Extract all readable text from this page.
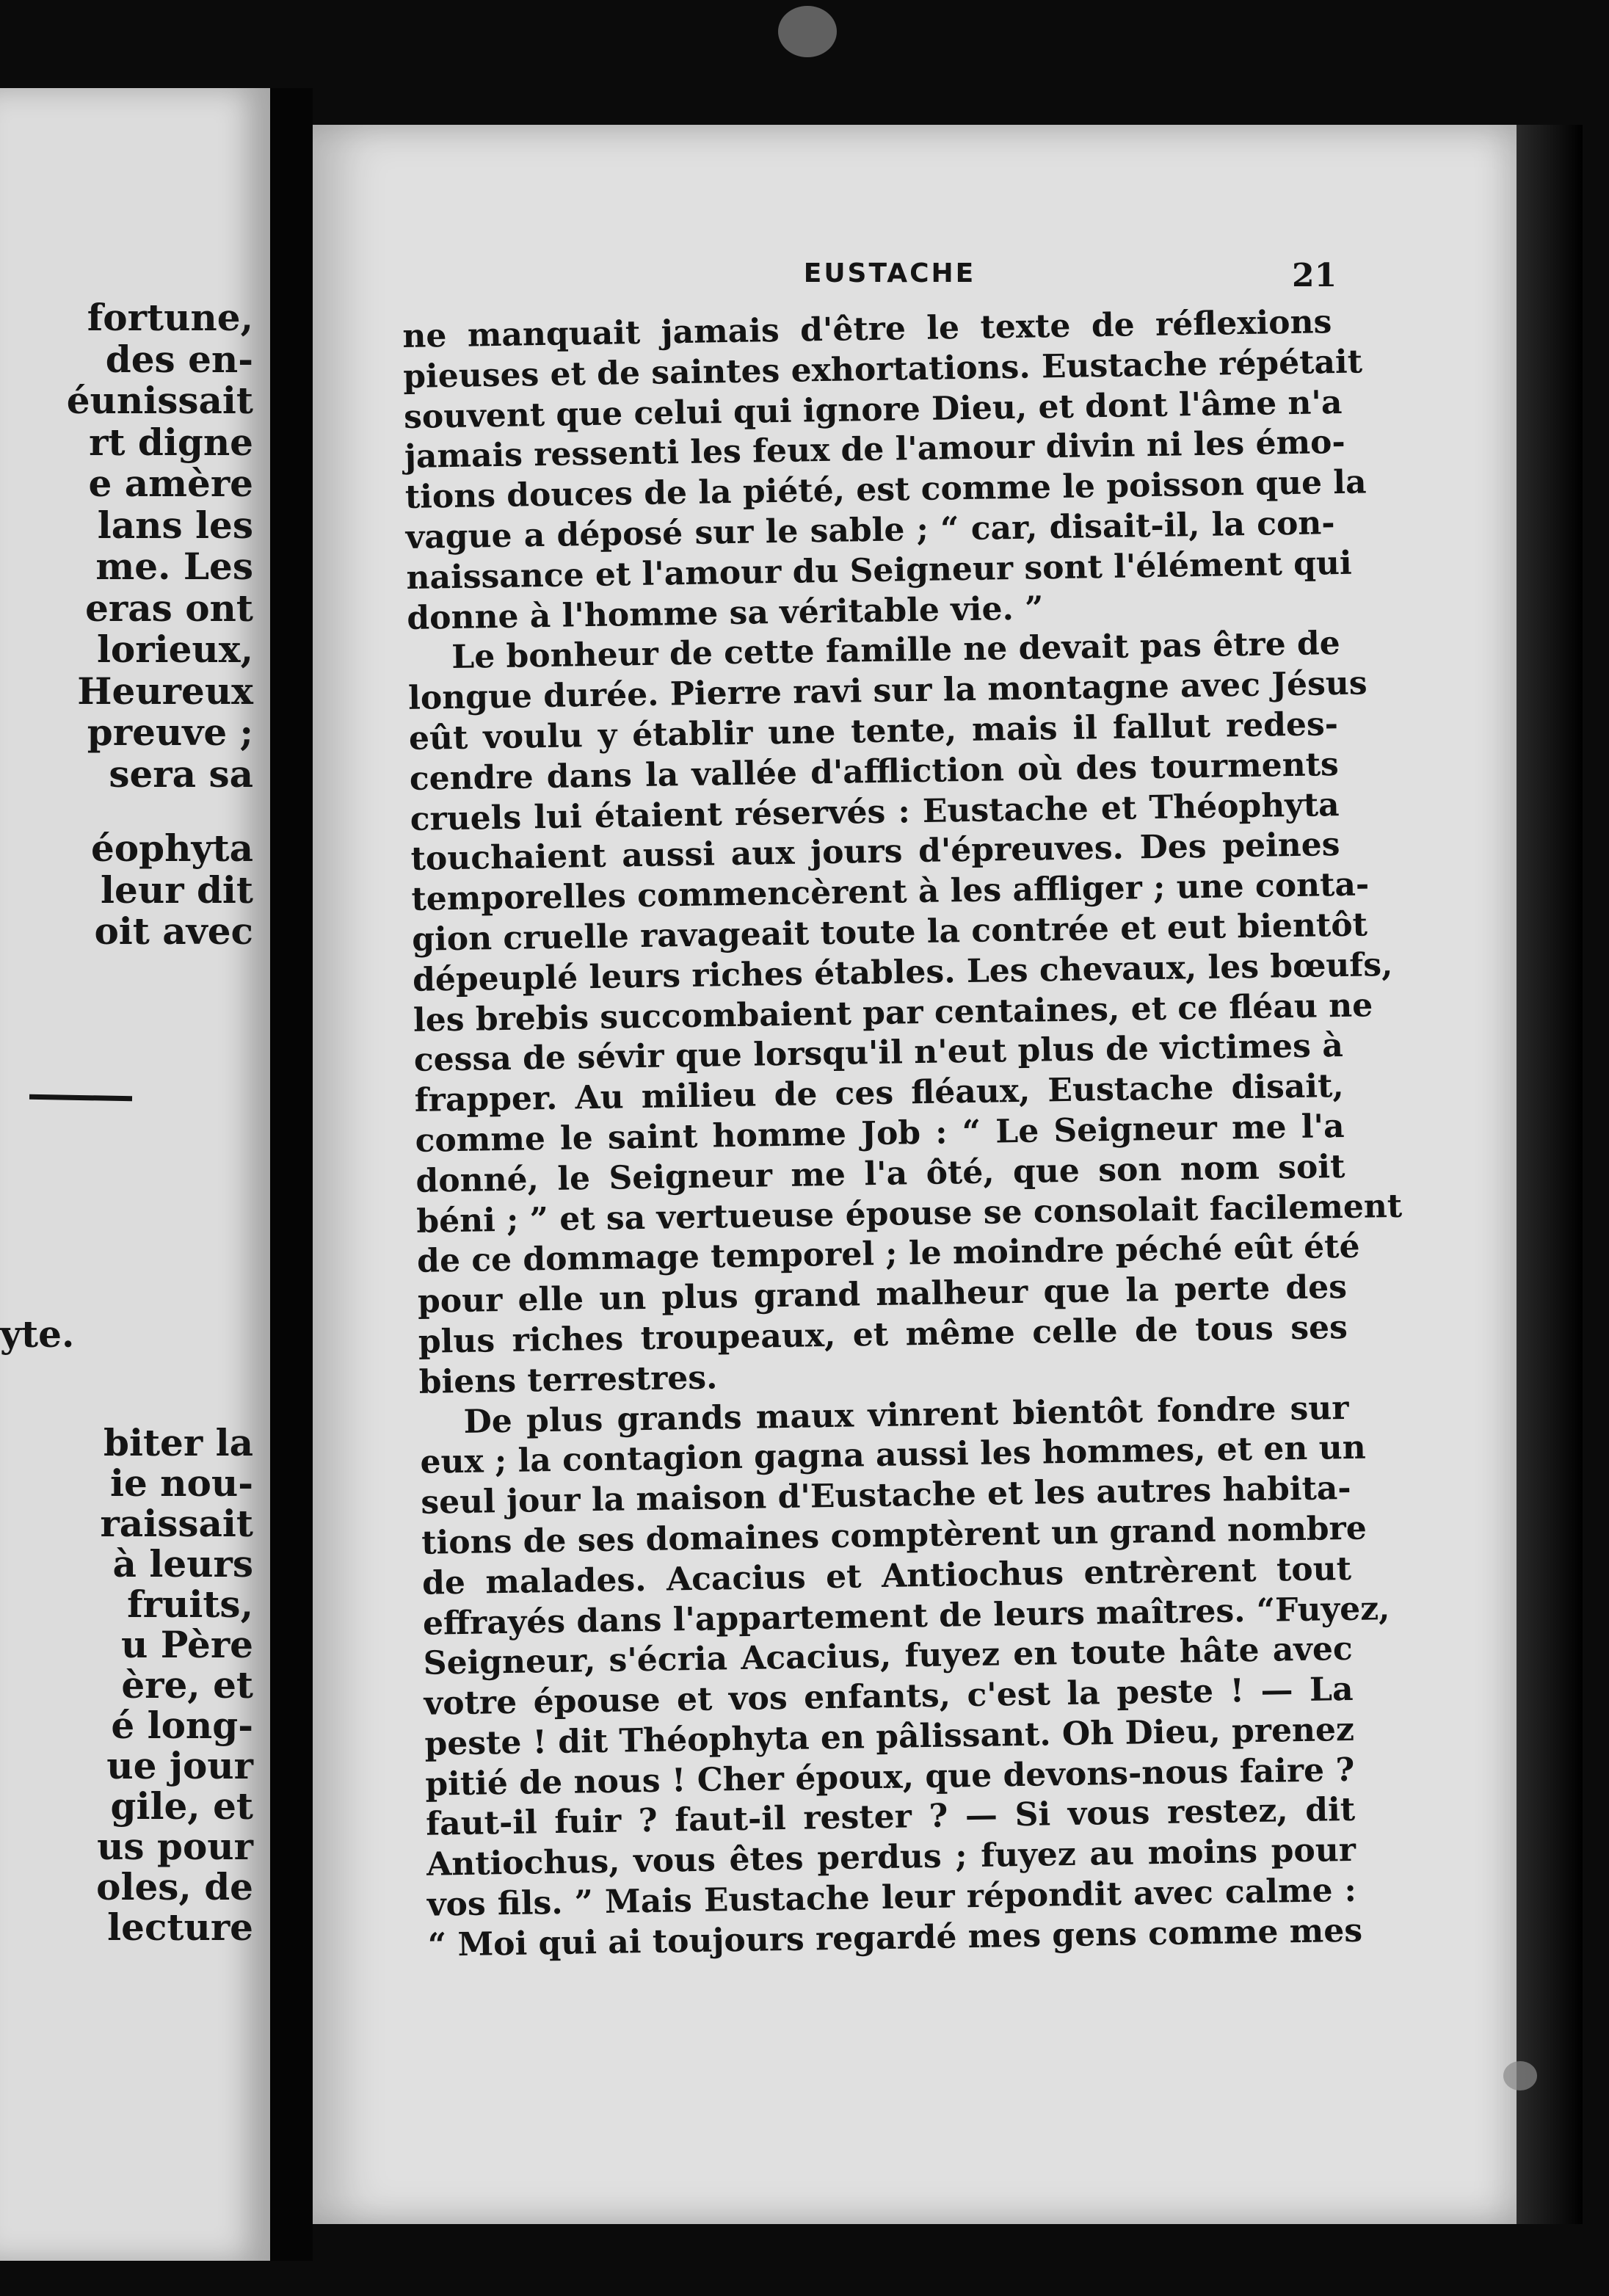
fortune,
des en-
éunissait
rt digne
e amère
lans les
me. Les
eras ont
lorieux,
Heureux
preuve ;
sera sa
éophyta
leur dit
oit avec
biter la
ie nou-
raissait
à leurs
fruits,
u Père
ère, et
é long-
ue jour
gile, et
us pour
oles, de
lecture
yte.
EUSTACHE	21
ne manquait jamais d'être le texte de réflexions
pieuses et de saintes exhortations. Eustache répétait
souvent que celui qui ignore Dieu, et dont l'âme n'a
jamais ressenti les feux de l'amour divin ni les émo-
tions douces de la piété, est comme le poisson que la
vague a déposé sur le sable ; “ car, disait-il, la con-
naissance et l'amour du Seigneur sont l'élément qui
donne à l'homme sa véritable vie. ”
Le bonheur de cette famille ne devait pas être de
longue durée. Pierre ravi sur la montagne avec Jésus
eût voulu y établir une tente, mais il fallut redes-
cendre dans la vallée d'affliction où des tourments
cruels lui étaient réservés : Eustache et Théophyta
touchaient aussi aux jours d'épreuves. Des peines
temporelles commencèrent à les affliger ; une conta-
gion cruelle ravageait toute la contrée et eut bientôt
dépeuplé leurs riches étables. Les chevaux, les bœufs,
les brebis succombaient par centaines, et ce fléau ne
cessa de sévir que lorsqu'il n'eut plus de victimes à
frapper. Au milieu de ces fléaux, Eustache disait,
comme le saint homme Job : “ Le Seigneur me l'a
donné, le Seigneur me l'a ôté, que son nom soit
béni ; ” et sa vertueuse épouse se consolait facilement
de ce dommage temporel ; le moindre péché eût été
pour elle un plus grand malheur que la perte des
plus riches troupeaux, et même celle de tous ses
biens terrestres.
De plus grands maux vinrent bientôt fondre sur
eux ; la contagion gagna aussi les hommes, et en un
seul jour la maison d'Eustache et les autres habita-
tions de ses domaines comptèrent un grand nombre
de malades. Acacius et Antiochus entrèrent tout
effrayés dans l'appartement de leurs maîtres. “Fuyez,
Seigneur, s'écria Acacius, fuyez en toute hâte avec
votre épouse et vos enfants, c'est la peste ! — La
peste ! dit Théophyta en pâlissant. Oh Dieu, prenez
pitié de nous ! Cher époux, que devons-nous faire ?
faut-il fuir ? faut-il rester ? — Si vous restez, dit
Antiochus, vous êtes perdus ; fuyez au moins pour
vos fils. ” Mais Eustache leur répondit avec calme :
“ Moi qui ai toujours regardé mes gens comme mes
